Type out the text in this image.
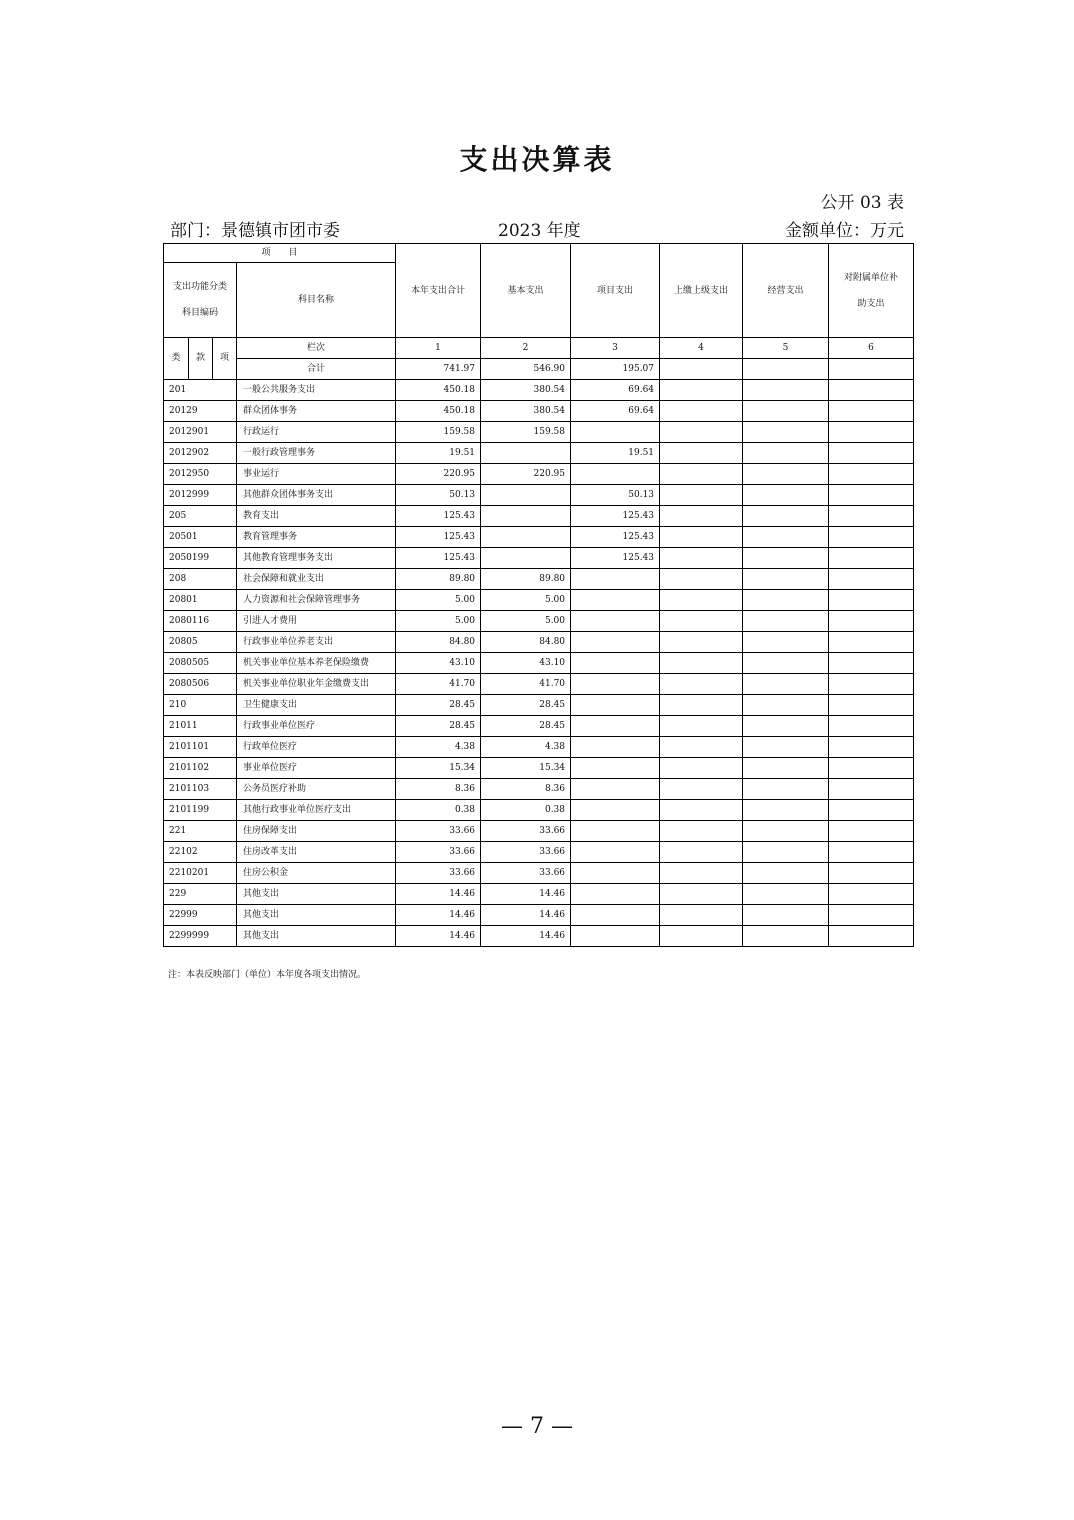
支出决算表
公开 03 表
部门：景德镇市团市委	2023 年度	金额单位：万元
项　　目				本年支出合计	基本支出	项目支出	上缴上级支出	经营支出	对附属单位补
助支出
支出功能分类
科目编码			科目名称						
类	款	项	栏次	1	2	3	4	5	6
			合计	741.97	546.90	195.07			
201			一般公共服务支出	450.18	380.54	69.64			
20129			群众团体事务	450.18	380.54	69.64			
2012901			行政运行	159.58	159.58				
2012902			一般行政管理事务	19.51		19.51			
2012950			事业运行	220.95	220.95				
2012999			其他群众团体事务支出	50.13		50.13			
205			教育支出	125.43		125.43			
20501			教育管理事务	125.43		125.43			
2050199			其他教育管理事务支出	125.43		125.43			
208			社会保障和就业支出	89.80	89.80				
20801			人力资源和社会保障管理事务	5.00	5.00				
2080116			引进人才费用	5.00	5.00				
20805			行政事业单位养老支出	84.80	84.80				
2080505			机关事业单位基本养老保险缴费	43.10	43.10				
2080506			机关事业单位职业年金缴费支出	41.70	41.70				
210			卫生健康支出	28.45	28.45				
21011			行政事业单位医疗	28.45	28.45				
2101101			行政单位医疗	4.38	4.38				
2101102			事业单位医疗	15.34	15.34				
2101103			公务员医疗补助	8.36	8.36				
2101199			其他行政事业单位医疗支出	0.38	0.38				
221			住房保障支出	33.66	33.66				
22102			住房改革支出	33.66	33.66				
2210201			住房公积金	33.66	33.66				
229			其他支出	14.46	14.46				
22999			其他支出	14.46	14.46				
2299999			其他支出	14.46	14.46				
注：本表反映部门（单位）本年度各项支出情况。
— 7 —
